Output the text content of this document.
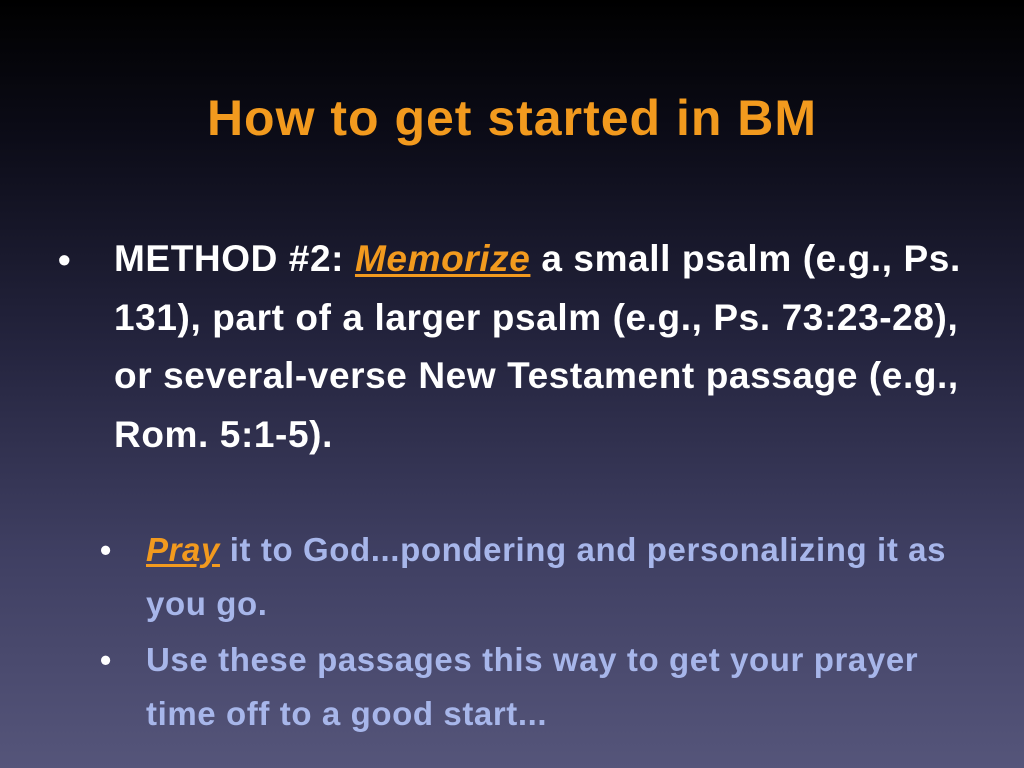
How to get started in BM
•	METHOD #2: Memorize a small psalm (e.g., Ps. 131), part of a larger psalm (e.g., Ps. 73:23-28), or several-verse New Testament passage (e.g., Rom. 5:1-5).
•	Pray it to God...pondering and personalizing it as you go.
•	Use these passages this way to get your prayer time off to a good start...
